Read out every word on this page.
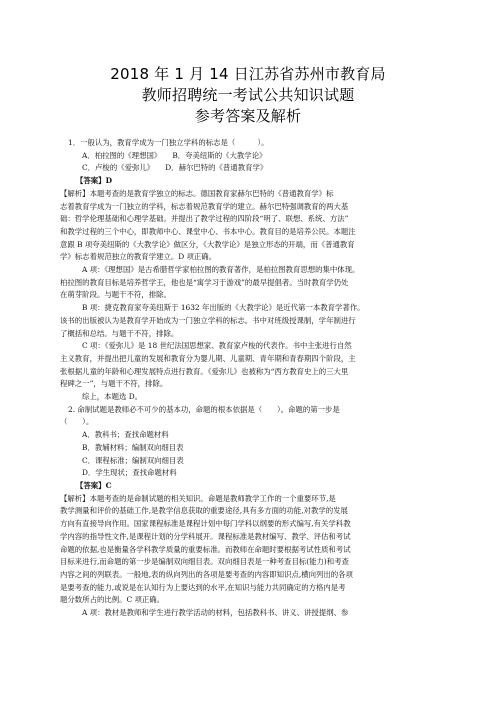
2018 年 1 月 14 日江苏省苏州市教育局
教师招聘统一考试公共知识试题
参考答案及解析

1．一般认为，教育学成为一门独立学科的标志是（　　　）。

A．柏拉图的《理想国》　　B．夸美纽斯的《大教学论》

C．卢梭的《爱弥儿》　　D．赫尔巴特的《普通教育学》

【答案】D

【解析】本题考查的是教育学独立的标志。德国教育家赫尔巴特的《普通教育学》标

志着教育学成为一门独立的学科，标志着规范教育学的建立。赫尔巴特强调教育的两大基

础：哲学伦理基础和心理学基础。并提出了教学过程的四阶段“明了、联想、系统、方法”

和教学过程的三个中心，即教师中心、课堂中心、书本中心。教育目的是培养公民。本题注

意跟 B 项夸美纽斯的《大教学论》做区分，《大教学论》是独立形态的开端，而《普通教育

学》标志着规范独立的教育学建立。D 项正确。

A 项：《理想国》是古希腊哲学家柏拉图的教育著作，是柏拉图教育思想的集中体现。

柏拉图的教育目标是培养哲学王，他也是“寓学习于游戏”的最早提倡者。当时教育学仍处

在萌芽阶段。与题干不符，排除。

B 项：捷克教育家夸美纽斯于 1632 年出版的《大教学论》是近代第一本教育学著作。

该书的出版被认为是教育学开始成为一门独立学科的标志。书中对班级授课制，学年制进行

了概括和总结。与题干不符，排除。

C 项：《爱弥儿》是 18 世纪法国思想家、教育家卢梭的代表作。书中主张进行自然

主义教育，并提出把儿童的发展和教育分为婴儿期、儿童期、青年期和青春期四个阶段，主

张根据儿童的年龄和心理发展特点进行教育。《爱弥儿》也被称为“西方教育史上的三大里

程碑之一”，与题干不符，排除。

综上，本题选 D。

2. 命制试题是教师必不可少的基本功，命题的根本依据是（　　）。命题的第一步是

（　　）。

A．教科书；查找命题材料

B．教辅材料；编制双向细目表

C．课程标准；编制双向细目表

D．学生现状；查找命题材料

【答案】C

【解析】本题考查的是命制试题的相关知识。命题是教师教学工作的一个重要环节,是

教学测量和评价的基础工作,是教学信息获取的重要途径,具有多方面的功能,对教学的发展

方向有直接导向作用。国家课程标准是课程计划中每门学科以纲要的形式编写,有关学科教

学内容的指导性文件,是课程计划的分学科展开。课程标准是教材编写、教学、评估和考试

命题的依据,也是衡量各学科教学质量的重要标准。而教师在命题时要根据考试性质和考试

目标来进行,而命题的第一步是编制双向细目表。双向细目表是一种考查目标(能力)和考查

内容之间的列联表。一般地,表的纵向列出的各项是要考查的内容即知识点,横向列出的各项

是要考查的能力,或说是在认知行为上要达到的水平,在知识与能力共同确定的方格内是考

题分数所占的比例。C 项正确。

A 项：教材是教师和学生进行教学活动的材料，包括教科书、讲义、讲授提纲、参
